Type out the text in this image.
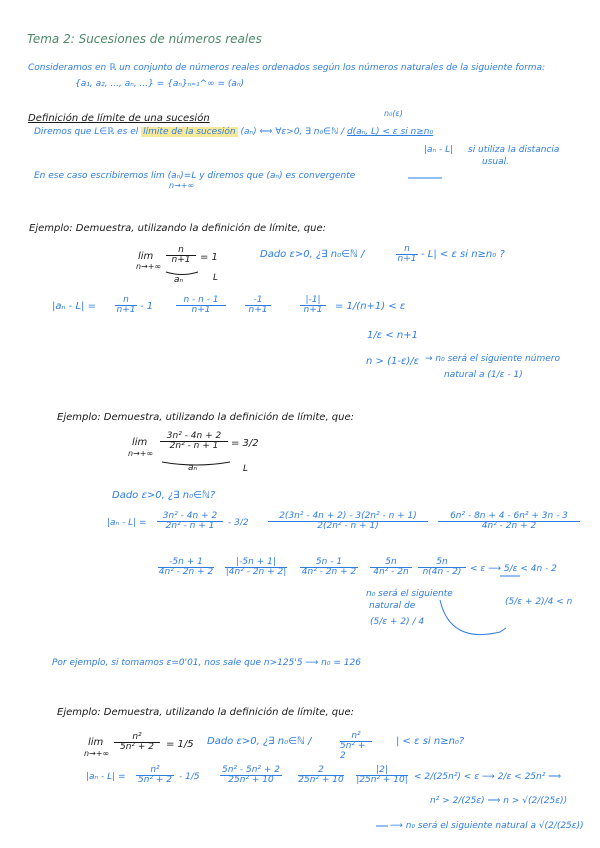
Tema 2: Sucesiones de números reales
Consideramos en ℝ un conjunto de números reales ordenados según los números naturales de la siguiente forma:
{a₁, a₂, ..., aₙ, ...} = {aₙ}ₙ₌₁^∞ = (aₙ)
Definición de límite de una sucesión
Diremos que L∈ℝ es el límite de la sucesión (aₙ) ⟺ ∀ε>0, ∃ n₀∈ℕ / d(aₙ, L) < ε si n≥n₀
n₀(ε)
|aₙ - L| si utiliza la distancia
usual.
En ese caso escribiremos lim (aₙ)=L y diremos que (aₙ) es convergente
n→+∞
Ejemplo: Demuestra, utilizando la definición de límite, que:
lim
n→+∞
n
n+1 = 1
aₙ	L
Dado ε>0, ¿∃ n₀∈ℕ /	n
n+1 - L| < ε si n≥n₀ ?
|aₙ - L| =
n
n+1 - 1
n - n - 1
n+1
-1
n+1
|-1|
n+1 = 1/(n+1) < ε
1/ε < n+1
n > (1-ε)/ε → n₀ será el siguiente número
natural a (1/ε - 1)
Ejemplo: Demuestra, utilizando la definición de límite, que:
lim
n→+∞
3n² - 4n + 2
2n² - n + 1 = 3/2
aₙ	L
Dado ε>0, ¿∃ n₀∈ℕ?
|aₙ - L| =
3n² - 4n + 2
2n² - n + 1 - 3/2
2(3n² - 4n + 2) - 3(2n² - n + 1)
2(2n² - n + 1)
6n² - 8n + 4 - 6n² + 3n - 3
4n² - 2n + 2
-5n + 1
4n² - 2n + 2
|-5n + 1|
|4n² - 2n + 2|
5n - 1
4n² - 2n + 2
5n
4n² - 2n
5n
n(4n - 2) < ε ⟶ 5/ε < 4n - 2
n₀ será el siguiente
natural de
(5/ε + 2) / 4
(5/ε + 2)/4 < n
Por ejemplo, si tomamos ε=0'01, nos sale que n>125'5 ⟶ n₀ = 126
Ejemplo: Demuestra, utilizando la definición de límite, que:
lim
n→+∞
n²
5n² + 2 = 1/5 Dado ε>0, ¿∃ n₀∈ℕ /	n²
5n² + 2
| < ε si n≥n₀?
|aₙ - L| =
n²
5n² + 2 - 1/5
5n² - 5n² + 2
25n² + 10
2
25n² + 10
|2|
|25n² + 10| < 2/(25n²) < ε ⟶ 2/ε < 25n² ⟹
n² > 2/(25ε) ⟹ n > √(2/(25ε))
⟶ n₀ será el siguiente natural a √(2/(25ε))
